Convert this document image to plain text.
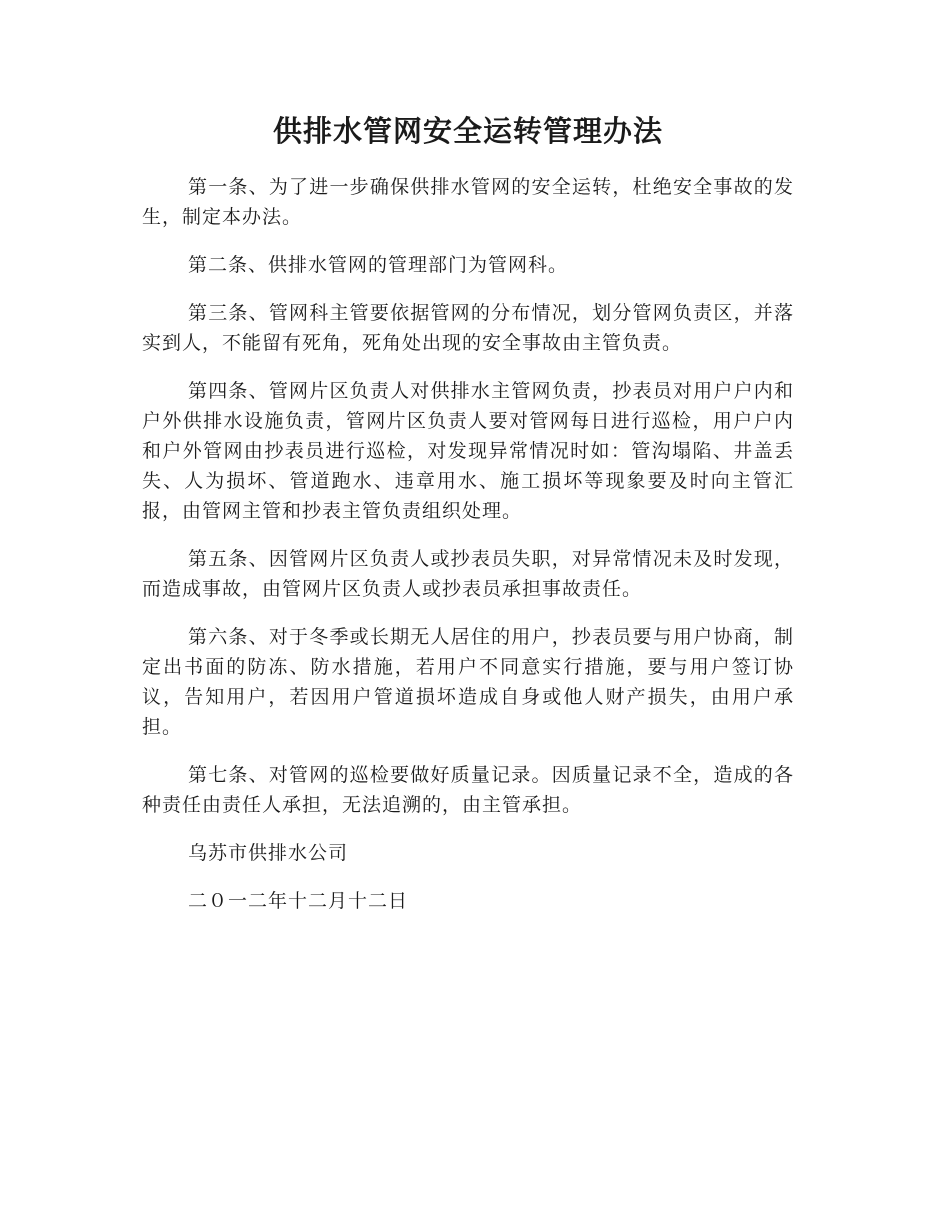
供排水管网安全运转管理办法

第一条、为了进一步确保供排水管网的安全运转，杜绝安全事故的发生，制定本办法。

第二条、供排水管网的管理部门为管网科。

第三条、管网科主管要依据管网的分布情况，划分管网负责区，并落实到人，不能留有死角，死角处出现的安全事故由主管负责。

第四条、管网片区负责人对供排水主管网负责，抄表员对用户户内和户外供排水设施负责，管网片区负责人要对管网每日进行巡检，用户户内和户外管网由抄表员进行巡检，对发现异常情况时如：管沟塌陷、井盖丢失、人为损坏、管道跑水、违章用水、施工损坏等现象要及时向主管汇报，由管网主管和抄表主管负责组织处理。

第五条、因管网片区负责人或抄表员失职，对异常情况未及时发现，而造成事故，由管网片区负责人或抄表员承担事故责任。

第六条、对于冬季或长期无人居住的用户，抄表员要与用户协商，制定出书面的防冻、防水措施，若用户不同意实行措施，要与用户签订协议，告知用户，若因用户管道损坏造成自身或他人财产损失，由用户承担。

第七条、对管网的巡检要做好质量记录。因质量记录不全，造成的各种责任由责任人承担，无法追溯的，由主管承担。

乌苏市供排水公司

二０一二年十二月十二日
